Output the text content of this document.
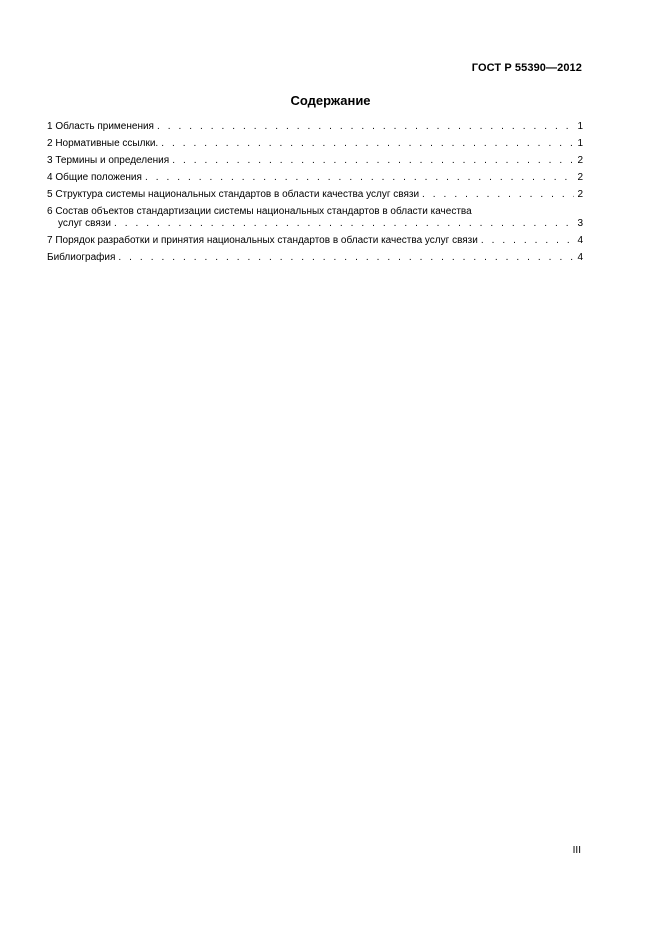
ГОСТ Р 55390—2012
Содержание
1 Область применения . . .	1
2 Нормативные ссылки. . . .	1
3 Термины и определения . . .	2
4 Общие положения . . .	2
5 Структура системы национальных стандартов в области качества услуг связи . . .	2
6 Состав объектов стандартизации системы национальных стандартов в области качества
услуг связи . . .	3
7 Порядок разработки и принятия национальных стандартов в области качества услуг связи . . .	4
Библиография . . .	4
III
